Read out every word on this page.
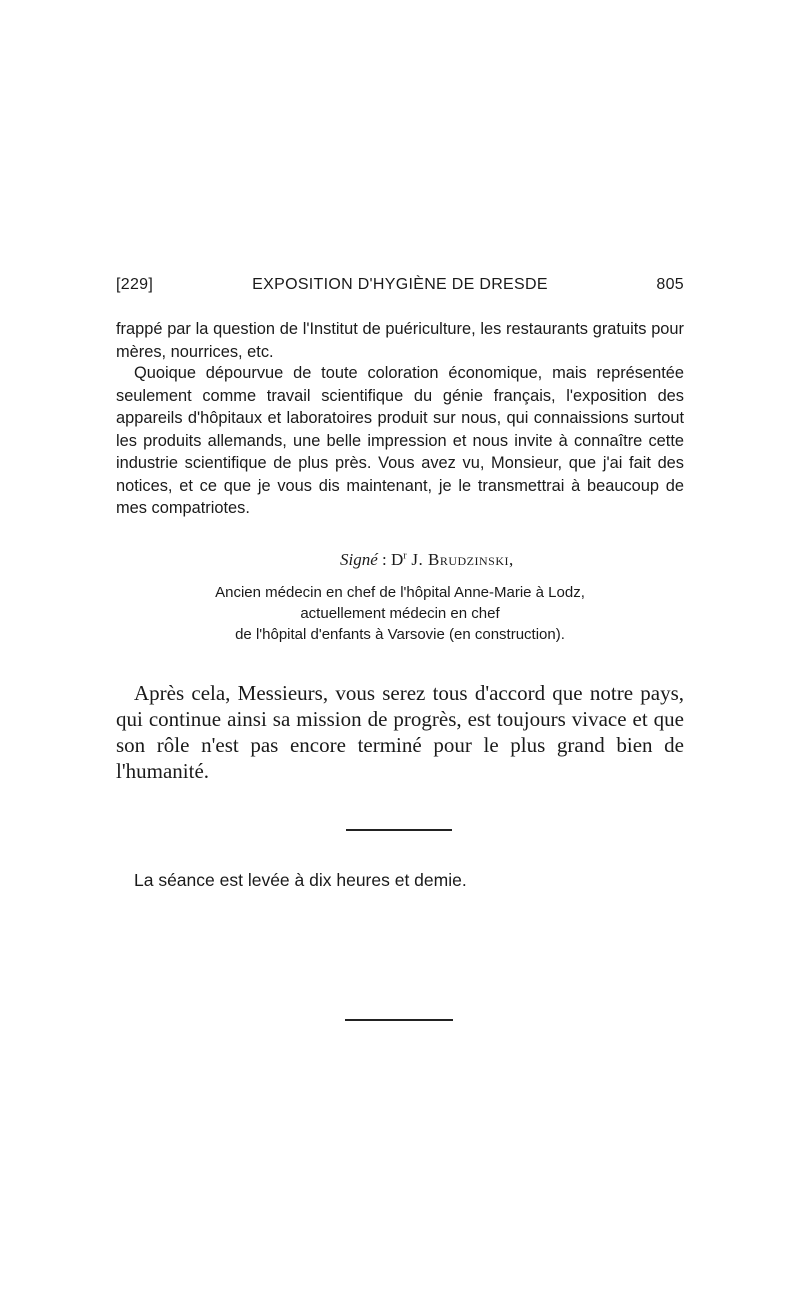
[229]	EXPOSITION D'HYGIÈNE DE DRESDE	805
frappé par la question de l'Institut de puériculture, les restaurants gratuits pour mères, nourrices, etc.
Quoique dépourvue de toute coloration économique, mais représentée seulement comme travail scientifique du génie français, l'exposition des appareils d'hôpitaux et laboratoires produit sur nous, qui connaissions surtout les produits allemands, une belle impression et nous invite à connaître cette industrie scientifique de plus près. Vous avez vu, Monsieur, que j'ai fait des notices, et ce que je vous dis maintenant, je le transmettrai à beaucoup de mes compatriotes.
Signé : $D^r$ J. Brudzinski,
Ancien médecin en chef de l'hôpital Anne-Marie à Lodz,
actuellement médecin en chef
de l'hôpital d'enfants à Varsovie (en construction).
Après cela, Messieurs, vous serez tous d'accord que notre pays, qui continue ainsi sa mission de progrès, est toujours vivace et que son rôle n'est pas encore terminé pour le plus grand bien de l'humanité.
La séance est levée à dix heures et demie.
